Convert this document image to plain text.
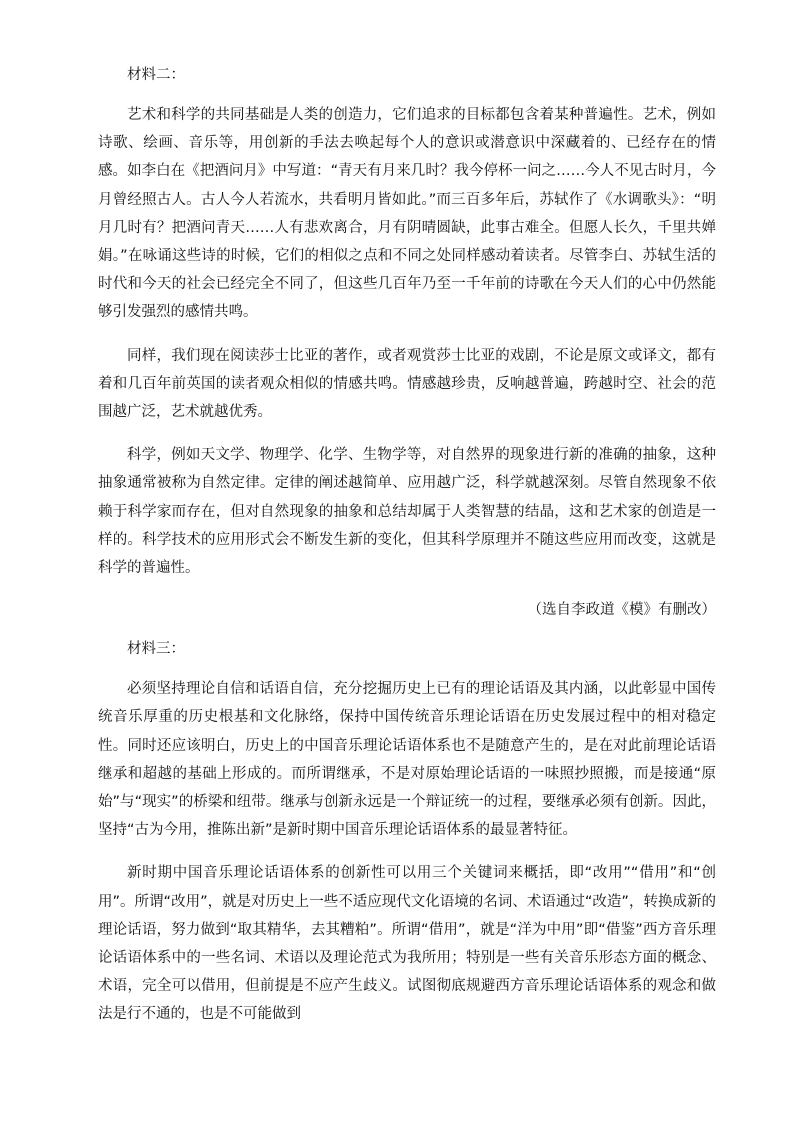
材料二：

艺术和科学的共同基础是人类的创造力，它们追求的目标都包含着某种普遍性。艺术，例如诗歌、绘画、音乐等，用创新的手法去唤起每个人的意识或潜意识中深藏着的、已经存在的情感。如李白在《把酒问月》中写道：“青天有月来几时？我今停杯一问之……今人不见古时月，今月曾经照古人。古人今人若流水，共看明月皆如此。”而三百多年后，苏轼作了《水调歌头》：“明月几时有？把酒问青天……人有悲欢离合，月有阴晴圆缺，此事古难全。但愿人长久，千里共婵娟。”在咏诵这些诗的时候，它们的相似之点和不同之处同样感动着读者。尽管李白、苏轼生活的时代和今天的社会已经完全不同了，但这些几百年乃至一千年前的诗歌在今天人们的心中仍然能够引发强烈的感情共鸣。

同样，我们现在阅读莎士比亚的著作，或者观赏莎士比亚的戏剧，不论是原文或译文，都有着和几百年前英国的读者观众相似的情感共鸣。情感越珍贵，反响越普遍，跨越时空、社会的范围越广泛，艺术就越优秀。

科学，例如天文学、物理学、化学、生物学等，对自然界的现象进行新的准确的抽象，这种抽象通常被称为自然定律。定律的阐述越简单、应用越广泛，科学就越深刻。尽管自然现象不依赖于科学家而存在，但对自然现象的抽象和总结却属于人类智慧的结晶，这和艺术家的创造是一样的。科学技术的应用形式会不断发生新的变化，但其科学原理并不随这些应用而改变，这就是科学的普遍性。

（选自李政道《模》有删改）
材料三：

必须坚持理论自信和话语自信，充分挖掘历史上已有的理论话语及其内涵，以此彰显中国传统音乐厚重的历史根基和文化脉络，保持中国传统音乐理论话语在历史发展过程中的相对稳定性。同时还应该明白，历史上的中国音乐理论话语体系也不是随意产生的，是在对此前理论话语继承和超越的基础上形成的。而所谓继承，不是对原始理论话语的一味照抄照搬，而是接通“原始”与“现实”的桥梁和纽带。继承与创新永远是一个辩证统一的过程，要继承必须有创新。因此，坚持“古为今用，推陈出新”是新时期中国音乐理论话语体系的最显著特征。

新时期中国音乐理论话语体系的创新性可以用三个关键词来概括，即“改用”“借用”和“创用”。所谓“改用”，就是对历史上一些不适应现代文化语境的名词、术语通过“改造”，转换成新的理论话语，努力做到“取其精华，去其糟粕”。所谓“借用”，就是“洋为中用”即“借鉴”西方音乐理论话语体系中的一些名词、术语以及理论范式为我所用；特别是一些有关音乐形态方面的概念、术语，完全可以借用，但前提是不应产生歧义。试图彻底规避西方音乐理论话语体系的观念和做法是行不通的，也是不可能做到
